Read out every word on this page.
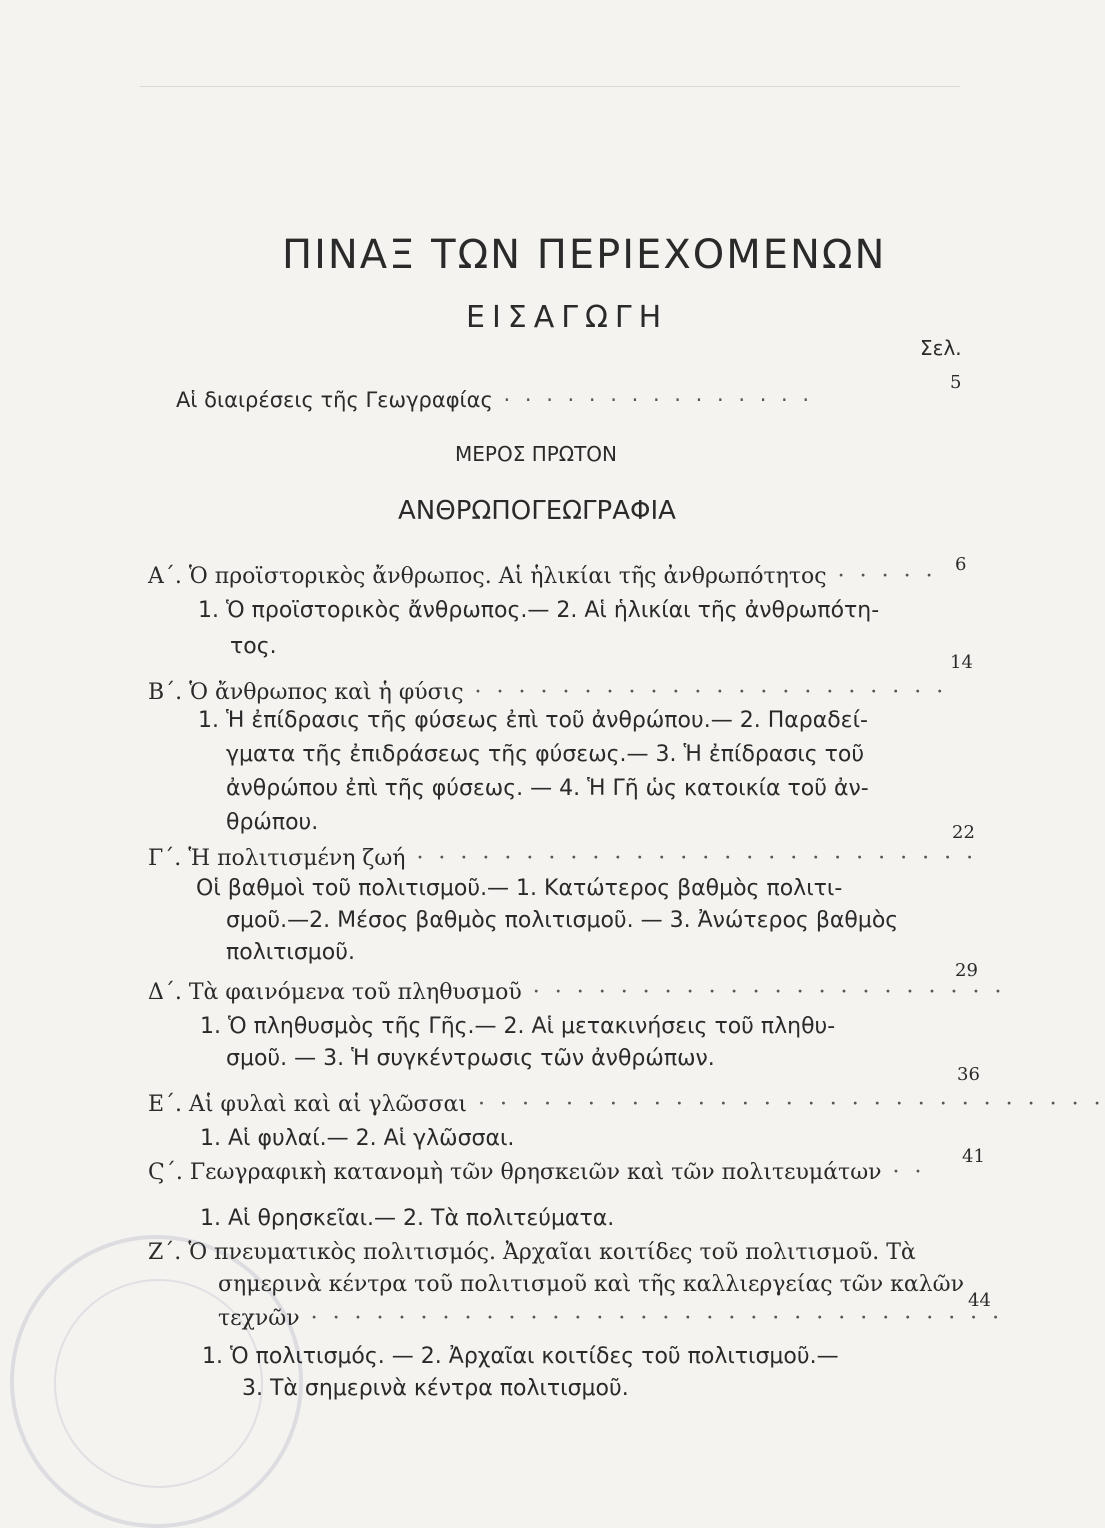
ΠΙΝΑΞ ΤΩΝ ΠΕΡΙΕΧΟΜΕΝΩΝ
ΕΙΣΑΓΩΓΗ
Σελ.
Αἱ διαιρέσεις τῆς Γεωγραφίας · · · · · · · · · · · · · · ·
5
ΜΕΡΟΣ ΠΡΩΤΟΝ
ΑΝΘΡΩΠΟΓΕΩΓΡΑΦΙΑ
Α΄. Ὁ προϊστορικὸς ἄνθρωπος. Αἱ ἡλικίαι τῆς ἀνθρωπότητος · · · · · 6
1. Ὁ προϊστορικὸς ἄνθρωπος.— 2. Αἱ ἡλικίαι τῆς ἀνθρωπότη-
τος.
Β΄. Ὁ ἄνθρωπος καὶ ἡ φύσις · · · · · · · · · · · · · · · · · · · · · ·
14
1. Ἡ ἐπίδρασις τῆς φύσεως ἐπὶ τοῦ ἀνθρώπου.— 2. Παραδεί-
γματα τῆς ἐπιδράσεως τῆς φύσεως.— 3. Ἡ ἐπίδρασις τοῦ
ἀνθρώπου ἐπὶ τῆς φύσεως. — 4. Ἡ Γῆ ὡς κατοικία τοῦ ἀν-
θρώπου.
Γ΄. Ἡ πολιτισμένη ζωή · · · · · · · · · · · · · · · · · · · · · · · · · ·
22
Οἱ βαθμοὶ τοῦ πολιτισμοῦ.— 1. Κατώτερος βαθμὸς πολιτι-
σμοῦ.—2. Μέσος βαθμὸς πολιτισμοῦ. — 3. Ἀνώτερος βαθμὸς
πολιτισμοῦ.
Δ΄. Τὰ φαινόμενα τοῦ πληθυσμοῦ · · · · · · · · · · · · · · · · · · · · · ·
29
1. Ὁ πληθυσμὸς τῆς Γῆς.— 2. Αἱ μετακινήσεις τοῦ πληθυ-
σμοῦ. — 3. Ἡ συγκέντρωσις τῶν ἀνθρώπων.
Ε΄. Αἱ φυλαὶ καὶ αἱ γλῶσσαι · · · · · · · · · · · · · · · · · · · · · · · · · · · · ·
36
1. Αἱ φυλαί.— 2. Αἱ γλῶσσαι.
Ϛ΄. Γεωγραφικὴ κατανομὴ τῶν θρησκειῶν καὶ τῶν πολιτευμάτων · ·
41
1. Αἱ θρησκεῖαι.— 2. Τὰ πολιτεύματα.
Ζ΄. Ὁ πνευματικὸς πολιτισμός. Ἀρχαῖαι κοιτίδες τοῦ πολιτισμοῦ. Τὰ
σημερινὰ κέντρα τοῦ πολιτισμοῦ καὶ τῆς καλλιεργείας τῶν καλῶν
τεχνῶν · · · · · · · · · · · · · · · · · · · · · · · · · · · · · · · ·
44
1. Ὁ πολιτισμός. — 2. Ἀρχαῖαι κοιτίδες τοῦ πολιτισμοῦ.—
3. Τὰ σημερινὰ κέντρα πολιτισμοῦ.
